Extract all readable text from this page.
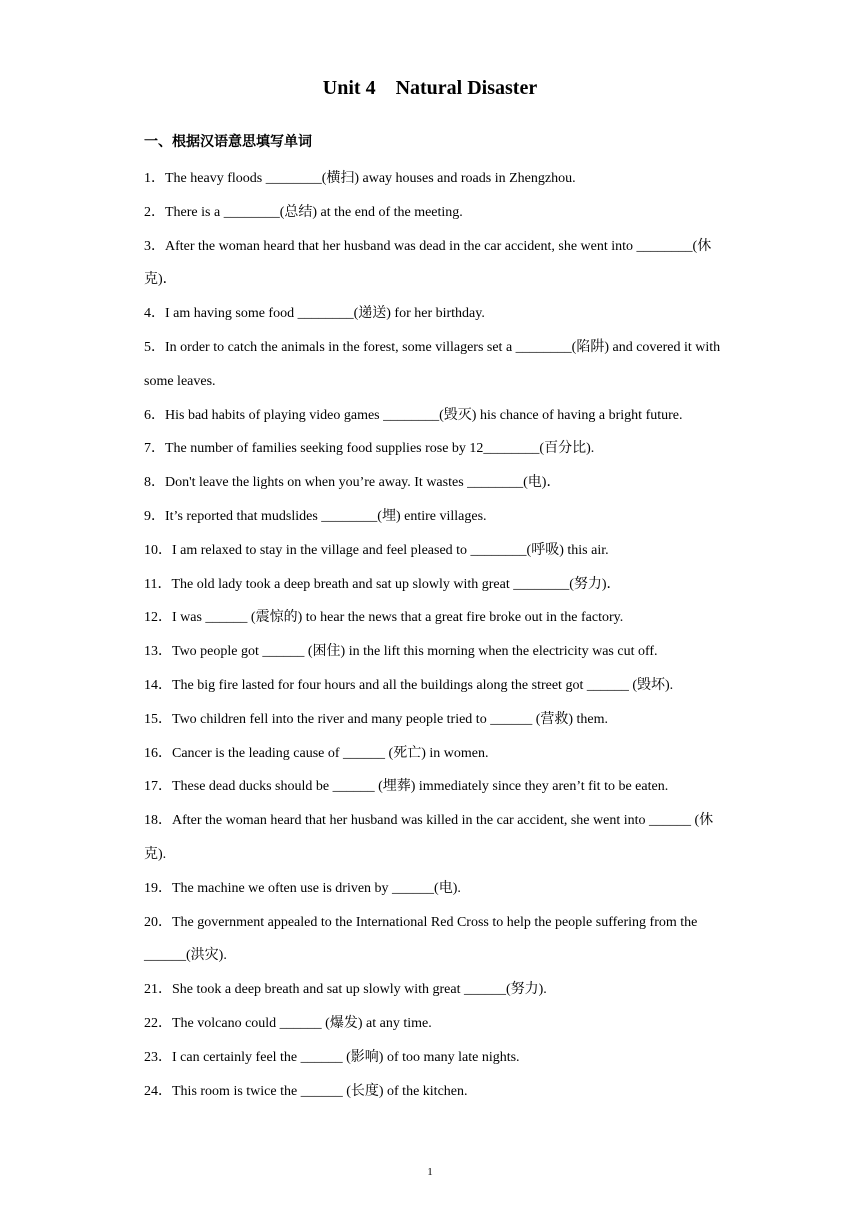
Unit 4    Natural Disaster
一、根据汉语意思填写单词
1．The heavy floods ________(横扫) away houses and roads in Zhengzhou.
2．There is a ________(总结) at the end of the meeting.
3．After the woman heard that her husband was dead in the car accident, she went into ________(休克)．
4．I am having some food ________(递送) for her birthday.
5．In order to catch the animals in the forest, some villagers set a ________(陷阱) and covered it with some leaves.
6．His bad habits of playing video games ________(毁灭) his chance of having a bright future.
7．The number of families seeking food supplies rose by 12________(百分比).
8．Don't leave the lights on when you’re away. It wastes ________(电)．
9．It’s reported that mudslides ________(埋) entire villages.
10．I am relaxed to stay in the village and feel pleased to ________(呼吸) this air.
11．The old lady took a deep breath and sat up slowly with great ________(努力)．
12．I was ______ (震惊的) to hear the news that a great fire broke out in the factory.
13．Two people got ______ (困住) in the lift this morning when the electricity was cut off.
14．The big fire lasted for four hours and all the buildings along the street got ______ (毁坏).
15．Two children fell into the river and many people tried to ______ (营救) them.
16．Cancer is the leading cause of ______ (死亡) in women.
17．These dead ducks should be ______ (埋葬) immediately since they aren’t fit to be eaten.
18．After the woman heard that her husband was killed in the car accident, she went into ______ (休克).
19．The machine we often use is driven by ______(电).
20．The government appealed to the International Red Cross to help the people suffering from the ______(洪灾).
21．She took a deep breath and sat up slowly with great ______(努力).
22．The volcano could ______ (爆发) at any time.
23．I can certainly feel the ______ (影响) of too many late nights.
24．This room is twice the ______ (长度) of the kitchen.
1
